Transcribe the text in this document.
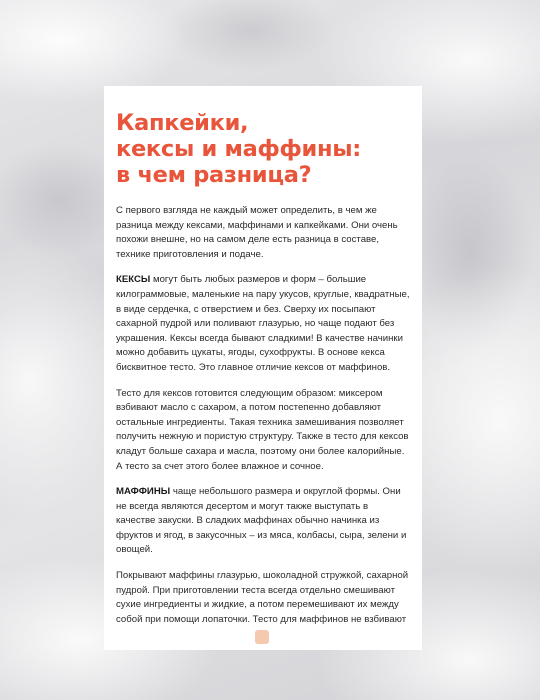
Капкейки,
кексы и маффины:
в чем разница?

С первого взгляда не каждый может определить, в чем же разница между кексами, маффинами и капкейками. Они очень похожи внешне, но на самом деле есть разница в составе, технике приготовления и подаче.

КЕКСЫ могут быть любых размеров и форм – большие килограммовые, маленькие на пару укусов, круглые, квадратные, в виде сердечка, с отверстием и без. Сверху их посыпают сахарной пудрой или поливают глазурью, но чаще подают без украшения. Кексы всегда бывают сладкими! В качестве начинки можно добавить цукаты, ягоды, сухофрукты. В основе кекса бисквитное тесто. Это главное отличие кексов от маффинов.

Тесто для кексов готовится следующим образом: миксером взбивают масло с сахаром, а потом постепенно добавляют остальные ингредиенты. Такая техника замешивания позволяет получить нежную и пористую структуру. Также в тесто для кексов кладут больше сахара и масла, поэтому они более калорийные. А тесто за счет этого более влажное и сочное.

МАФФИНЫ чаще небольшого размера и округлой формы. Они не всегда являются десертом и могут также выступать в качестве закуски. В сладких маффинах обычно начинка из фруктов и ягод, в закусочных – из мяса, колбасы, сыра, зелени и овощей.

Покрывают маффины глазурью, шоколадной стружкой, сахарной пудрой. При приготовлении теста всегда отдельно смешивают сухие ингредиенты и жидкие, а потом перемешивают их между собой при помощи лопаточки. Тесто для маффинов не взбивают
